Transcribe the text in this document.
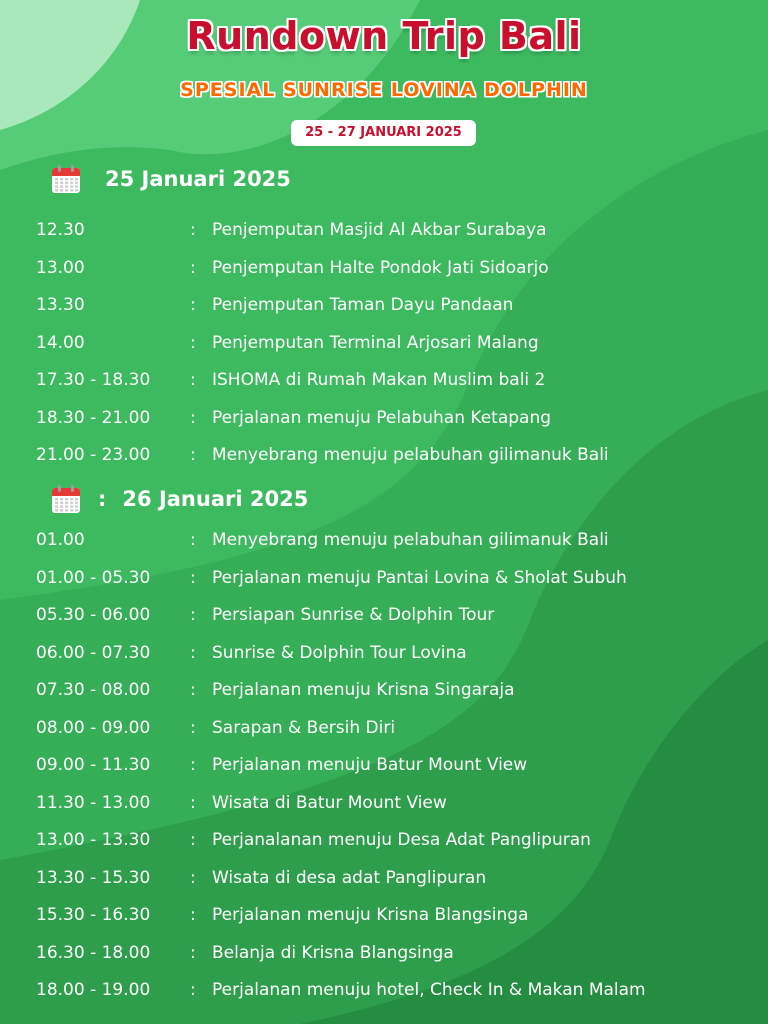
Rundown Trip Bali
SPESIAL SUNRISE LOVINA DOLPHIN
25 - 27 JANUARI 2025
25 Januari 2025
12.30	: Penjemputan Masjid Al Akbar Surabaya
13.00	: Penjemputan Halte Pondok Jati Sidoarjo
13.30	: Penjemputan Taman Dayu Pandaan
14.00	: Penjemputan Terminal Arjosari Malang
17.30 - 18.30 : ISHOMA di Rumah Makan Muslim bali 2
18.30 - 21.00 : Perjalanan menuju Pelabuhan Ketapang
21.00 - 23.00 : Menyebrang menuju pelabuhan gilimanuk Bali
: 26 Januari 2025
01.00	: Menyebrang menuju pelabuhan gilimanuk Bali
01.00 - 05.30 : Perjalanan menuju Pantai Lovina & Sholat Subuh
05.30 - 06.00 : Persiapan Sunrise & Dolphin Tour
06.00 - 07.30 : Sunrise & Dolphin Tour Lovina
07.30 - 08.00 : Perjalanan menuju Krisna Singaraja
08.00 - 09.00 : Sarapan & Bersih Diri
09.00 - 11.30 : Perjalanan menuju Batur Mount View
11.30 - 13.00 : Wisata di Batur Mount View
13.00 - 13.30 : Perjanalanan menuju Desa Adat Panglipuran
13.30 - 15.30 : Wisata di desa adat Panglipuran
15.30 - 16.30 : Perjalanan menuju Krisna Blangsinga
16.30 - 18.00 : Belanja di Krisna Blangsinga
18.00 - 19.00 : Perjalanan menuju hotel, Check In & Makan Malam
